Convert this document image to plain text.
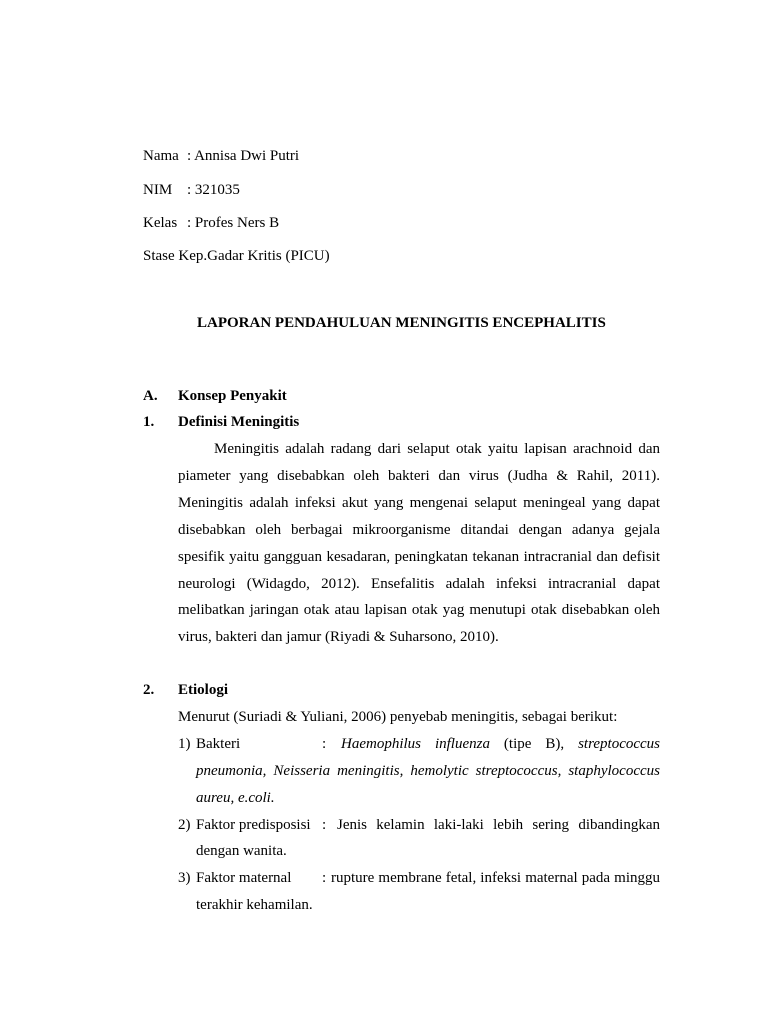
Nama : Annisa Dwi Putri
NIM : 321035
Kelas : Profes Ners B
Stase Kep.Gadar Kritis (PICU)
LAPORAN PENDAHULUAN MENINGITIS ENCEPHALITIS
A. Konsep Penyakit
1. Definisi Meningitis
Meningitis adalah radang dari selaput otak yaitu lapisan arachnoid dan
piameter yang disebabkan oleh bakteri dan virus (Judha & Rahil, 2011).
Meningitis adalah infeksi akut yang mengenai selaput meningeal yang dapat
disebabkan oleh berbagai mikroorganisme ditandai dengan adanya gejala
spesifik yaitu gangguan kesadaran, peningkatan tekanan intracranial dan defisit
neurologi (Widagdo, 2012). Ensefalitis adalah infeksi intracranial dapat
melibatkan jaringan otak atau lapisan otak yag menutupi otak disebabkan oleh
virus, bakteri dan jamur (Riyadi & Suharsono, 2010).
2. Etiologi
Menurut (Suriadi & Yuliani, 2006) penyebab meningitis, sebagai berikut:
1) Bakteri	: Haemophilus influenza (tipe B), streptococcus
pneumonia, Neisseria meningitis, hemolytic streptococcus, staphylococcus
aureu, e.coli.
2) Faktor predisposisi : Jenis kelamin laki-laki lebih sering dibandingkan
dengan wanita.
3) Faktor maternal : rupture membrane fetal, infeksi maternal pada minggu
terakhir kehamilan.
